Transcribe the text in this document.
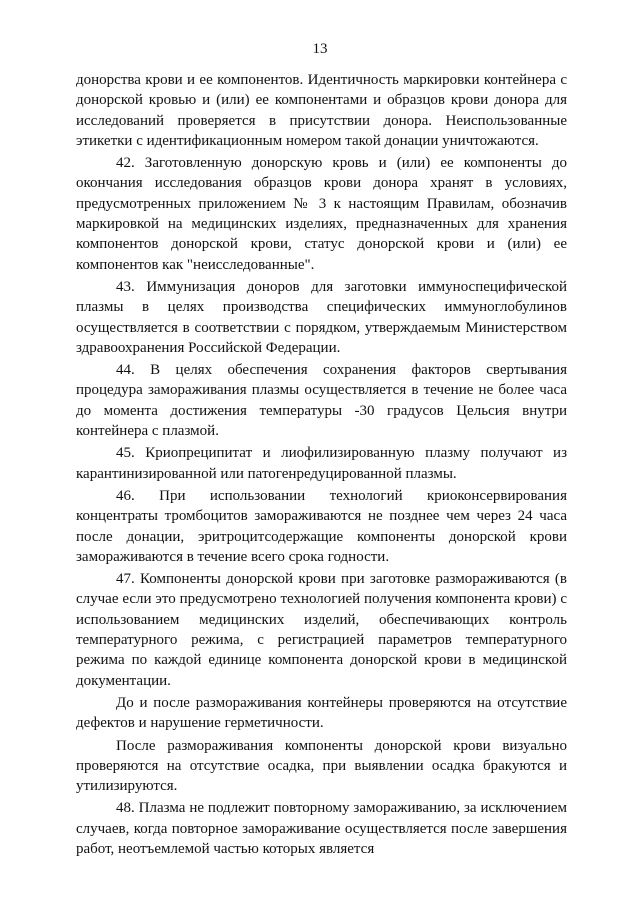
13

донорства крови и ее компонентов. Идентичность маркировки контейнера с донорской кровью и (или) ее компонентами и образцов крови донора для исследований проверяется в присутствии донора. Неиспользованные этикетки с идентификационным номером такой донации уничтожаются.

42. Заготовленную донорскую кровь и (или) ее компоненты до окончания исследования образцов крови донора хранят в условиях, предусмотренных приложением № 3 к настоящим Правилам, обозначив маркировкой на медицинских изделиях, предназначенных для хранения компонентов донорской крови, статус донорской крови и (или) ее компонентов как "неисследованные".

43. Иммунизация доноров для заготовки иммуноспецифической плазмы в целях производства специфических иммуноглобулинов осуществляется в соответствии с порядком, утверждаемым Министерством здравоохранения Российской Федерации.

44. В целях обеспечения сохранения факторов свертывания процедура замораживания плазмы осуществляется в течение не более часа до момента достижения температуры -30 градусов Цельсия внутри контейнера с плазмой.

45. Криопреципитат и лиофилизированную плазму получают из карантинизированной или патогенредуцированной плазмы.

46. При использовании технологий криоконсервирования концентраты тромбоцитов замораживаются не позднее чем через 24 часа после донации, эритроцитсодержащие компоненты донорской крови замораживаются в течение всего срока годности.

47. Компоненты донорской крови при заготовке размораживаются (в случае если это предусмотрено технологией получения компонента крови) с использованием медицинских изделий, обеспечивающих контроль температурного режима, с регистрацией параметров температурного режима по каждой единице компонента донорской крови в медицинской документации.

До и после размораживания контейнеры проверяются на отсутствие дефектов и нарушение герметичности.

После размораживания компоненты донорской крови визуально проверяются на отсутствие осадка, при выявлении осадка бракуются и утилизируются.

48. Плазма не подлежит повторному замораживанию, за исключением случаев, когда повторное замораживание осуществляется после завершения работ, неотъемлемой частью которых является
